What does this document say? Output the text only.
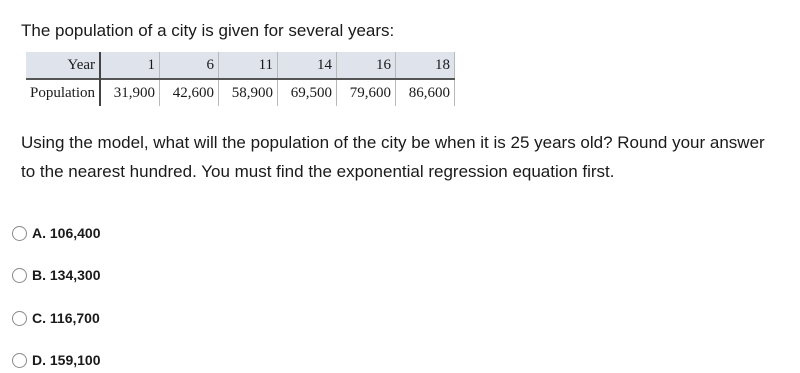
The population of a city is given for several years:

Year	1	6	11	14	16	18
Population	31,900	42,600	58,900	69,500	79,600	86,600

Using the model, what will the population of the city be when it is 25 years old? Round your answer to the nearest hundred. You must find the exponential regression equation first.

A. 106,400
B. 134,300
C. 116,700
D. 159,100
